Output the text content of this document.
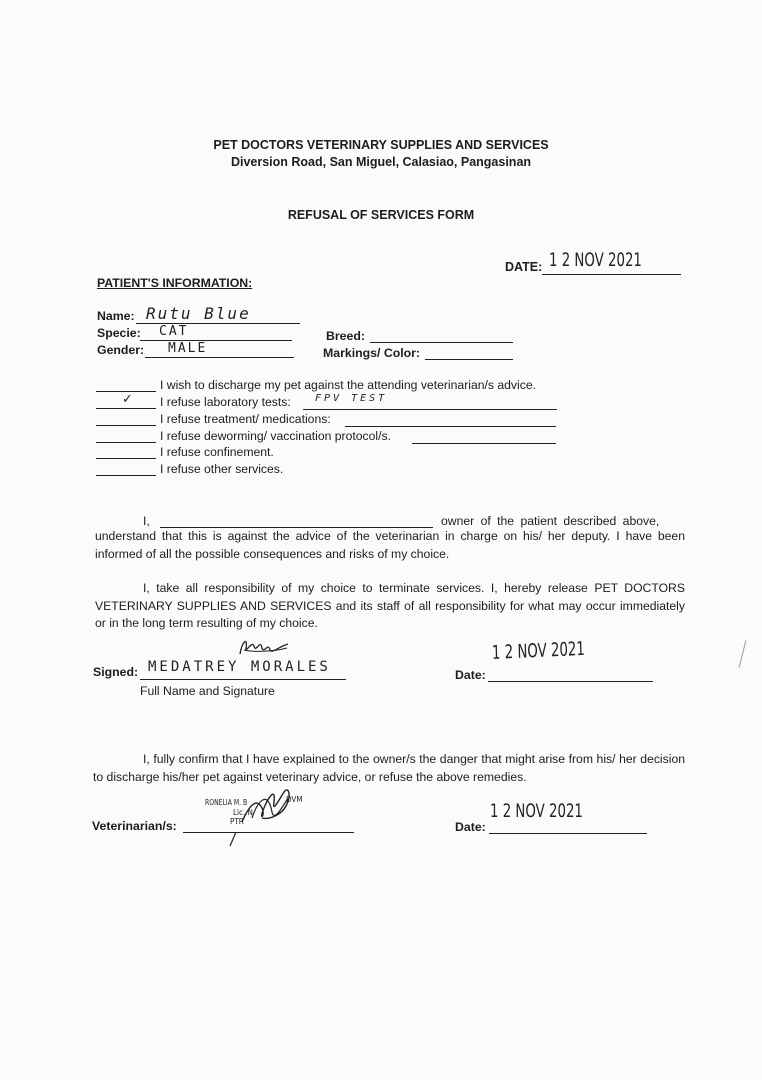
PET DOCTORS VETERINARY SUPPLIES AND SERVICES
Diversion Road, San Miguel, Calasiao, Pangasinan
REFUSAL OF SERVICES FORM
DATE: 1 2 NOV 2021
PATIENT'S INFORMATION:
Name: Rutu Blue
Specie: CAT
Gender: MALE
Breed:
Markings/ Color:
I wish to discharge my pet against the attending veterinarian/s advice.
✓ I refuse laboratory tests: FPV TEST
I refuse treatment/ medications:
I refuse deworming/ vaccination protocol/s.
I refuse confinement.
I refuse other services.
I,	owner of the patient described above,

understand that this is against the advice of the veterinarian in charge on his/ her deputy. I have been informed of all the possible consequences and risks of my choice.

I, take all responsibility of my choice to terminate services. I, hereby release PET DOCTORS VETERINARY SUPPLIES AND SERVICES and its staff of all responsibility for what may occur immediately or in the long term resulting of my choice.

Signed: MEDATREY MORALES
Full Name and Signature
Date:
1 2 NOV 2021

I, fully confirm that I have explained to the owner/s the danger that might arise from his/ her decision to discharge his/her pet against veterinary advice, or refuse the above remedies.

Veterinarian/s:
RONELIA M. B	DVM
Lic. N
PTR	Date:
1 2 NOV 2021
